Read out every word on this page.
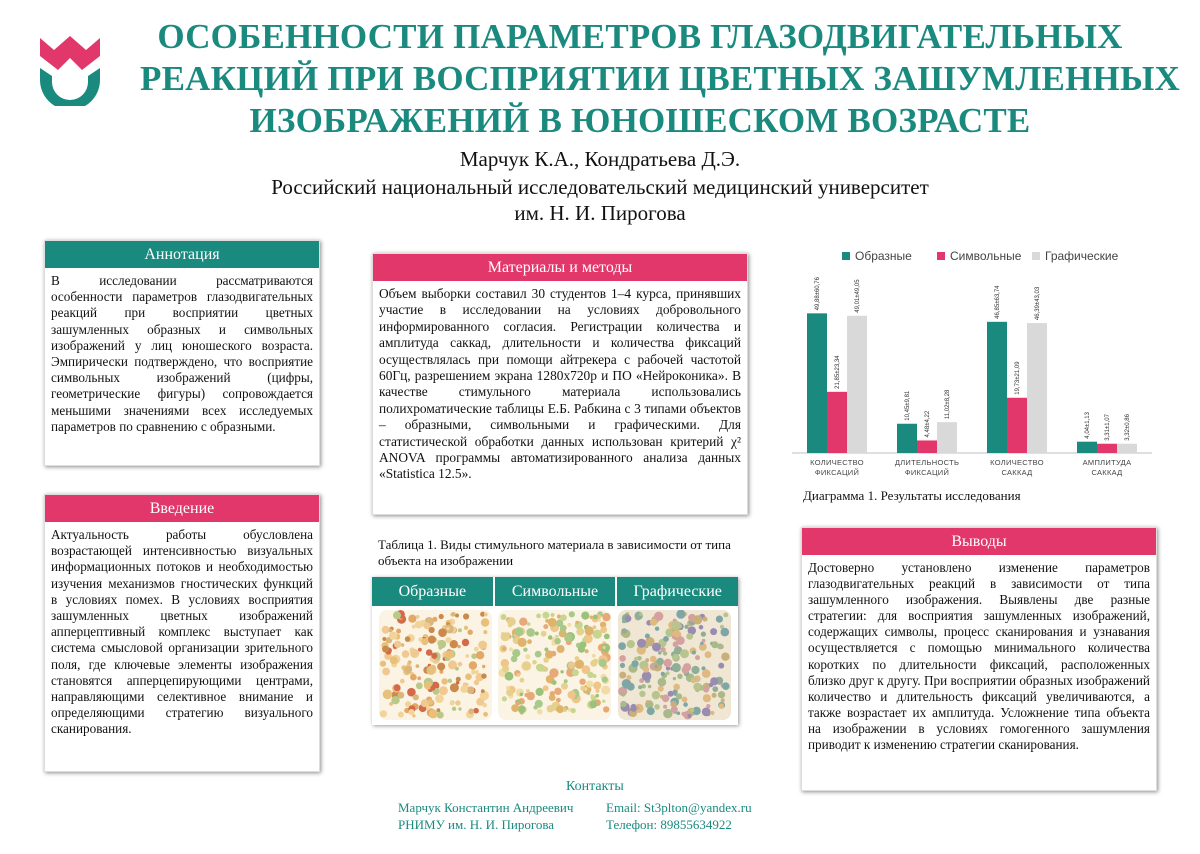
ОСОБЕННОСТИ ПАРАМЕТРОВ ГЛАЗОДВИГАТЕЛЬНЫХ
РЕАКЦИЙ ПРИ ВОСПРИЯТИИ ЦВЕТНЫХ ЗАШУМЛЕННЫХ
ИЗОБРАЖЕНИЙ В ЮНОШЕСКОМ ВОЗРАСТЕ
Марчук К.А., Кондратьева Д.Э.
Российский национальный исследовательский медицинский университет
им. Н. И. Пирогова
Аннотация
В исследовании рассматриваются особенности параметров глазодвигательных реакций при восприятии цветных зашумленных образных и символьных изображений у лиц юношеского возраста. Эмпирически подтверждено, что восприятие символьных изображений (цифры, геометрические фигуры) сопровождается меньшими значениями всех исследуемых параметров по сравнению с образными.
Введение
Актуальность работы обусловлена возрастающей интенсивностью визуальных информационных потоков и необходимостью изучения механизмов гностических функций в условиях помех. В условиях восприятия зашумленных цветных изображений апперцептивный комплекс выступает как система смысловой организации зрительного поля, где ключевые элементы изображения становятся апперцепирующими центрами, направляющими селективное внимание и определяющими стратегию визуального сканирования.
Материалы и методы
Объем выборки составил 30 студентов 1–4 курса, принявших участие в исследовании на условиях добровольного информированного согласия. Регистрации количества и амплитуда саккад, длительности и количества фиксаций осуществлялась при помощи айтрекера с рабочей частотой 60Гц, разрешением экрана 1280x720р и ПО «Нейроконика». В качестве стимульного материала использовались полихроматические таблицы Е.Б. Рабкина с 3 типами объектов – образными, символьными и графическими. Для статистической обработки данных использован критерий χ² ANOVA программы автоматизированного анализа данных «Statistica 12.5».
Таблица 1. Виды стимульного материала в зависимости от типа объекта на изображении
Образные	Символьные	Графические
Образные	Символьные Графические
49,88±60,76
21,85±23,34
49,01±49,05
КОЛИЧЕСТВО
ФИКСАЦИЙ
10,45±9,81
4,48±4,22
11,02±8,28
ДЛИТЕЛЬНОСТЬ
ФИКСАЦИЙ
46,85±63,74
19,73±21,09
46,39±43,03
КОЛИЧЕСТВО
САККАД
4,04±1,13 3,31±1,07 3,32±0,86
АМПЛИТУДА
САККАД
Диаграмма 1. Результаты исследования
Выводы
Достоверно установлено изменение параметров глазодвигательных реакций в зависимости от типа зашумленного изображения. Выявлены две разные стратегии: для восприятия зашумленных изображений, содержащих символы, процесс сканирования и узнавания осуществляется с помощью минимального количества коротких по длительности фиксаций, расположенных близко друг к другу. При восприятии образных изображений количество и длительность фиксаций увеличиваются, а также возрастает их амплитуда. Усложнение типа объекта на изображении в условиях гомогенного зашумления приводит к изменению стратегии сканирования.
Контакты
Марчук Константин Андреевич
РНИМУ им. Н. И. Пирогова
Email: St3plton@yandex.ru
Телефон: 89855634922
